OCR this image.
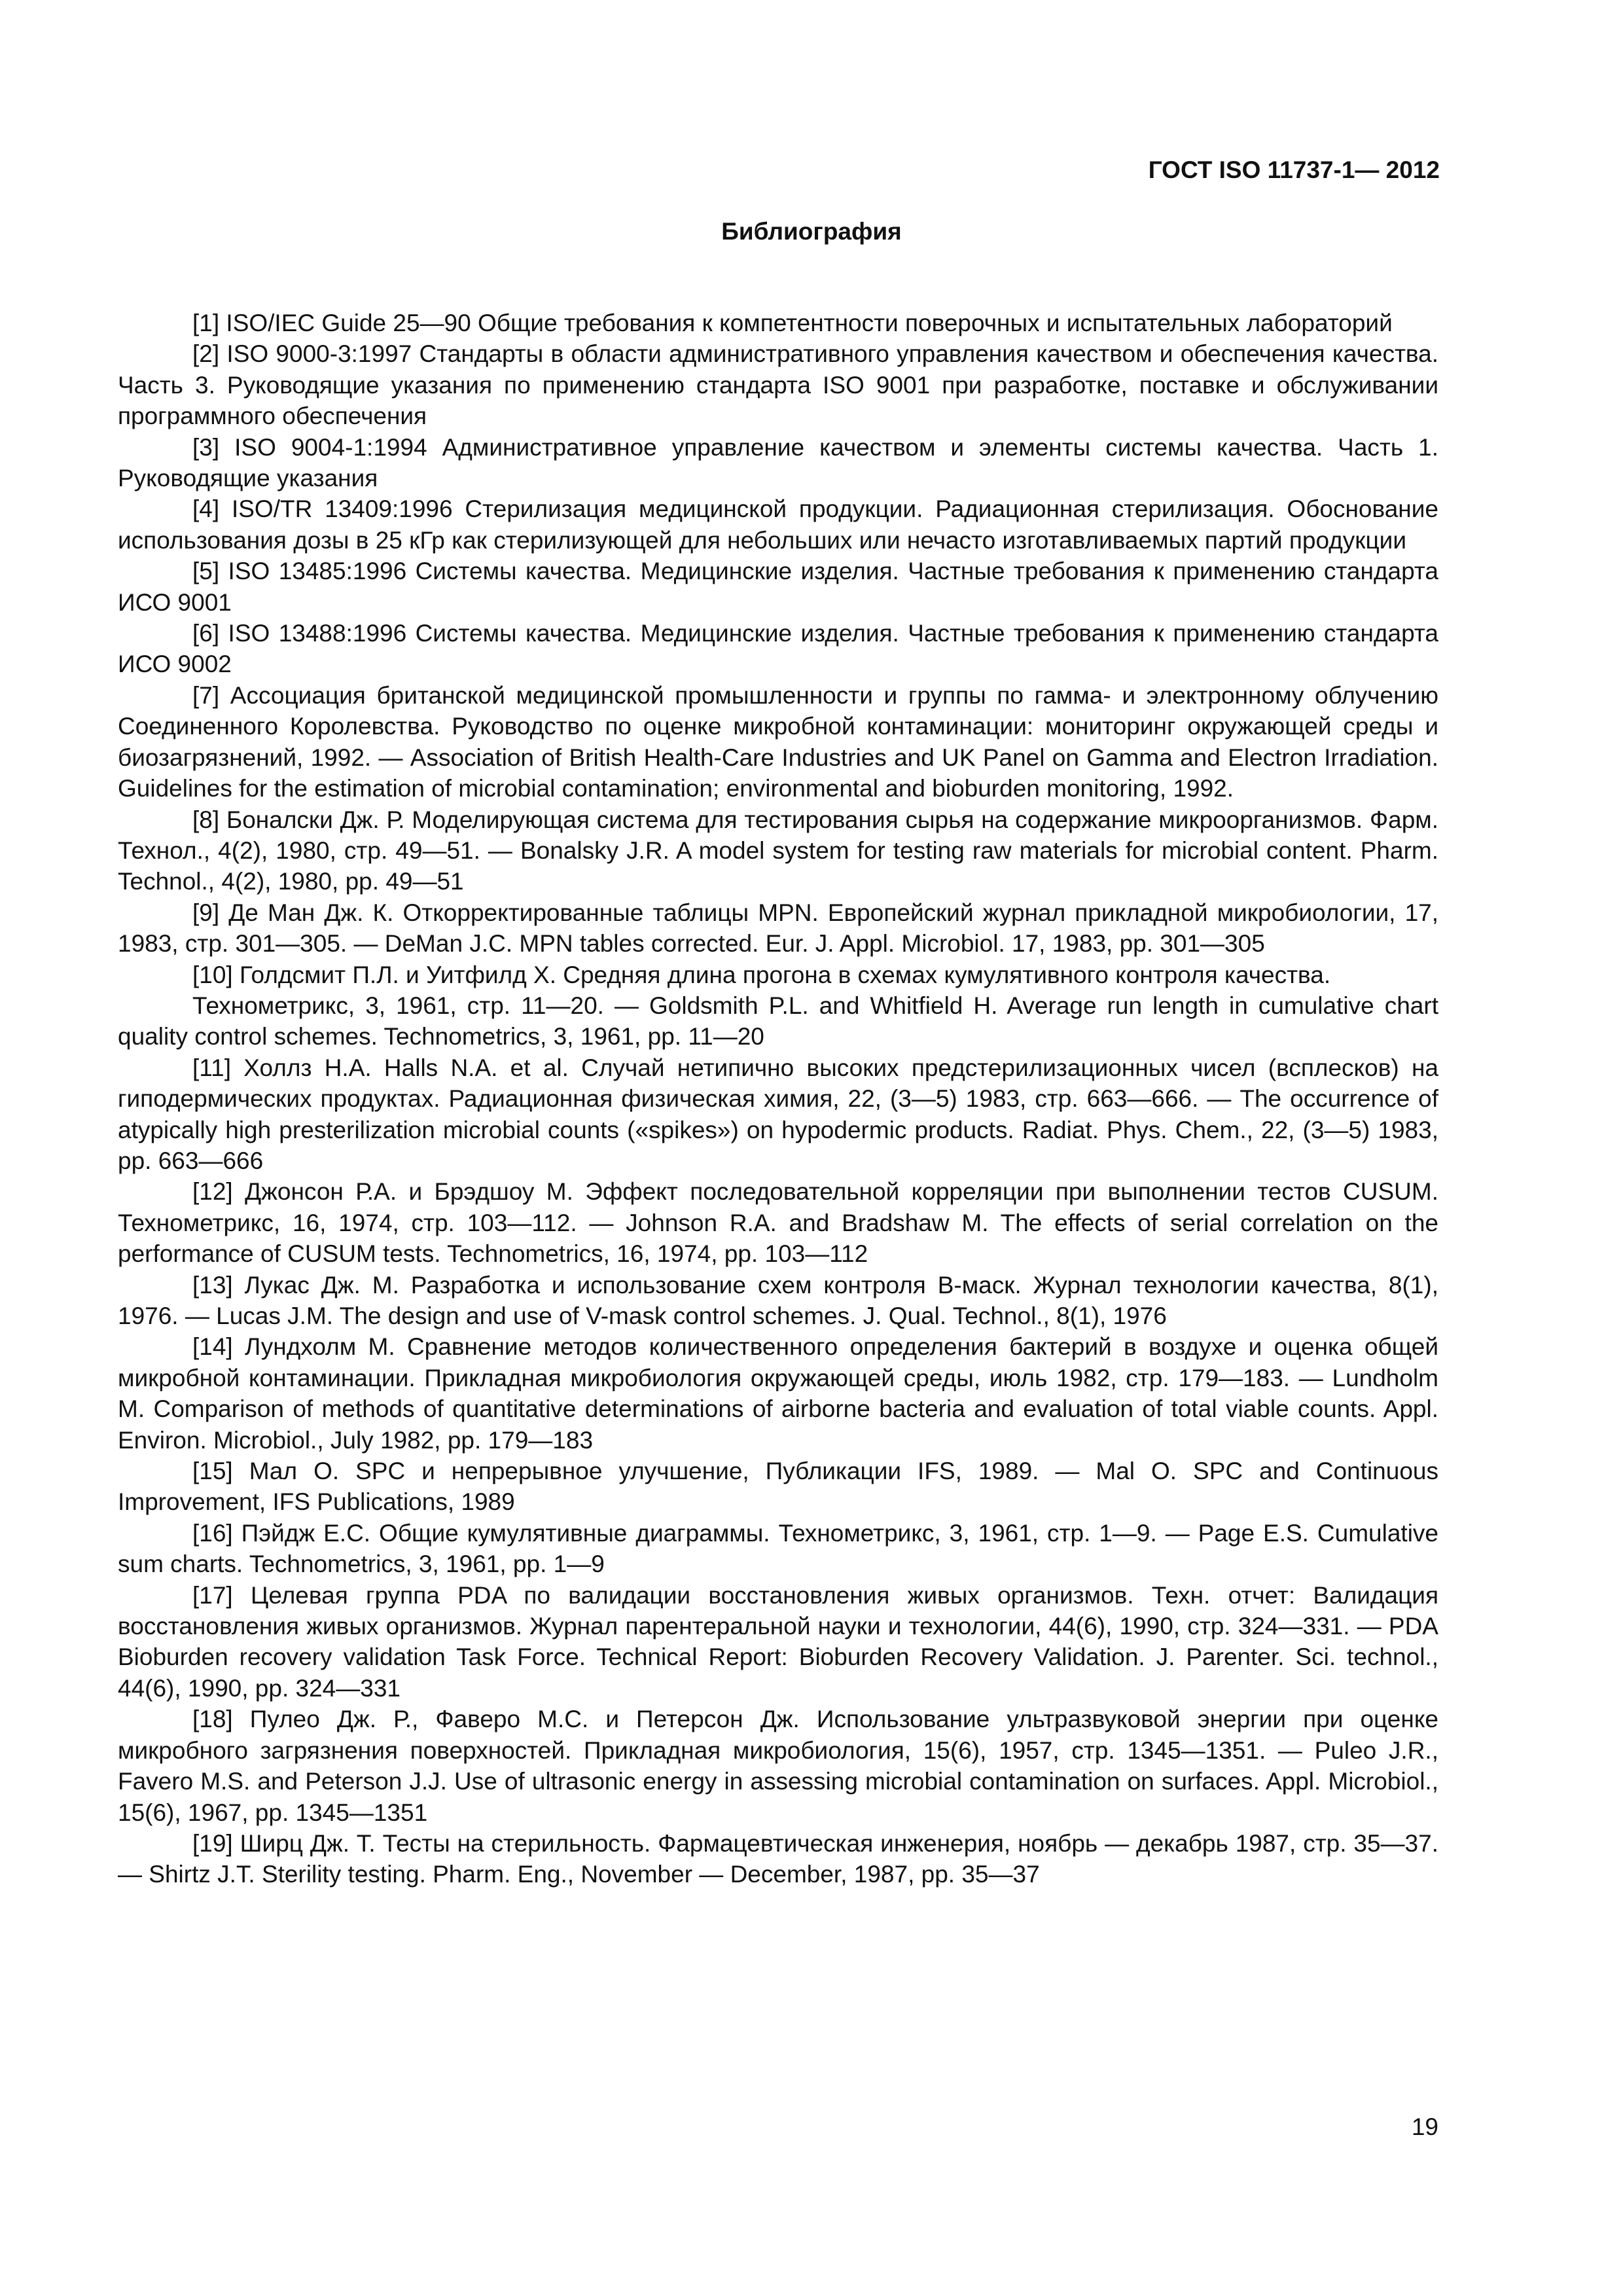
ГОСТ ISO 11737-1— 2012
Библиография

[1] ISO/IEC Guide 25—90 Общие требования к компетентности поверочных и испытательных лабораторий

[2] ISO 9000-3:1997 Стандарты в области административного управления качеством и обеспечения качества. Часть 3. Руководящие указания по применению стандарта ISO 9001 при разработке, поставке и обслуживании программного обеспечения

[3] ISO 9004-1:1994 Административное управление качеством и элементы системы качества. Часть 1. Руководящие указания

[4] ISO/TR 13409:1996 Стерилизация медицинской продукции. Радиационная стерилизация. Обоснование использования дозы в 25 кГр как стерилизующей для небольших или нечасто изготавливаемых партий продукции

[5] ISO 13485:1996 Системы качества. Медицинские изделия. Частные требования к применению стандарта ИСО 9001

[6] ISO 13488:1996 Системы качества. Медицинские изделия. Частные требования к применению стандарта ИСО 9002

[7] Ассоциация британской медицинской промышленности и группы по гамма- и электронному облучению Соединенного Королевства. Руководство по оценке микробной контаминации: мониторинг окружающей среды и биозагрязнений, 1992. — Association of British Health-Care Industries and UK Panel on Gamma and Electron Irradiation. Guidelines for the estimation of microbial contamination; environmental and bioburden monitoring, 1992.

[8] Боналски Дж. Р. Моделирующая система для тестирования сырья на содержание микроорганизмов. Фарм. Технол., 4(2), 1980, стр. 49—51. — Bonalsky J.R. A model system for testing raw materials for microbial content. Pharm. Technol., 4(2), 1980, pp. 49—51

[9] Де Ман Дж. К. Откорректированные таблицы MPN. Европейский журнал прикладной микробиологии, 17, 1983, стр. 301—305. — DeMan J.C. MPN tables corrected. Eur. J. Appl. Microbiol. 17, 1983, pp. 301—305

[10] Голдсмит П.Л. и Уитфилд X. Средняя длина прогона в схемах кумулятивного контроля качества.

Технометрикс, 3, 1961, стр. 11—20. — Goldsmith P.L. and Whitfield H. Average run length in cumulative chart quality control schemes. Technometrics, 3, 1961, pp. 11—20

[11] Холлз Н.А. Halls N.A. et al. Случай нетипично высоких предстерилизационных чисел (всплесков) на гиподермических продуктах. Радиационная физическая химия, 22, (3—5) 1983, стр. 663—666. — The occurrence of atypically high presterilization microbial counts («spikes») on hypodermic products. Radiat. Phys. Chem., 22, (3—5) 1983, pp. 663—666

[12] Джонсон Р.А. и Брэдшоу М. Эффект последовательной корреляции при выполнении тестов CUSUM. Технометрикс, 16, 1974, стр. 103—112. — Johnson R.A. and Bradshaw M. The effects of serial correlation on the performance of CUSUM tests. Technometrics, 16, 1974, pp. 103—112

[13] Лукас Дж. М. Разработка и использование схем контроля В-маск. Журнал технологии качества, 8(1), 1976. — Lucas J.M. The design and use of V-mask control schemes. J. Qual. Technol., 8(1), 1976

[14] Лундхолм М. Сравнение методов количественного определения бактерий в воздухе и оценка общей микробной контаминации. Прикладная микробиология окружающей среды, июль 1982, стр. 179—183. — Lundholm M. Comparison of methods of quantitative determinations of airborne bacteria and evaluation of total viable counts. Appl. Environ. Microbiol., July 1982, pp. 179—183

[15] Мал О. SPC и непрерывное улучшение, Публикации IFS, 1989. — Mal O. SPC and Continuous Improvement, IFS Publications, 1989

[16] Пэйдж Е.С. Общие кумулятивные диаграммы. Технометрикс, 3, 1961, стр. 1—9. — Page E.S. Cumulative sum charts. Technometrics, 3, 1961, pp. 1—9

[17] Целевая группа PDA по валидации восстановления живых организмов. Техн. отчет: Валидация восстановления живых организмов. Журнал парентеральной науки и технологии, 44(6), 1990, стр. 324—331. — PDA Bioburden recovery validation Task Force. Technical Report: Bioburden Recovery Validation. J. Parenter. Sci. technol., 44(6), 1990, pp. 324—331

[18] Пулео Дж. Р., Фаверо М.С. и Петерсон Дж. Использование ультразвуковой энергии при оценке микробного загрязнения поверхностей. Прикладная микробиология, 15(6), 1957, стр. 1345—1351. — Puleo J.R., Favero M.S. and Peterson J.J. Use of ultrasonic energy in assessing microbial contamination on surfaces. Appl. Microbiol., 15(6), 1967, pp. 1345—1351

[19] Ширц Дж. Т. Тесты на стерильность. Фармацевтическая инженерия, ноябрь — декабрь 1987, стр. 35—37. — Shirtz J.T. Sterility testing. Pharm. Eng., November — December, 1987, pp. 35—37

19
